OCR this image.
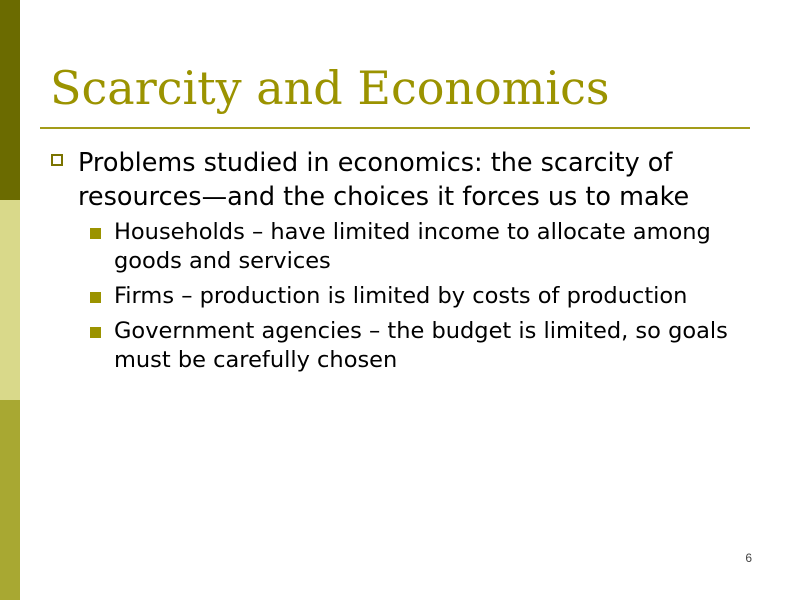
Scarcity and Economics
Problems studied in economics: the scarcity of resources—and the choices it forces us to make
Households – have limited income to allocate among goods and services
Firms – production is limited by costs of production
Government agencies – the budget is limited, so goals must be carefully chosen
6
